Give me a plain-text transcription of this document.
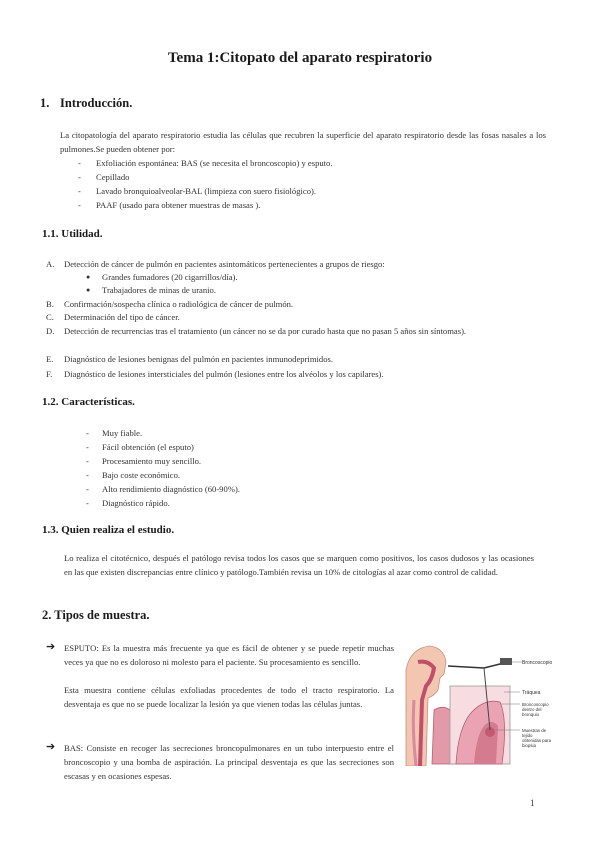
Tema 1:Citopato del aparato respiratorio
1. Introducción.

La citopatología del aparato respiratorio estudia las células que recubren la superficie del aparato respiratorio desde las fosas nasales a los pulmones.Se pueden obtener por:

- Exfoliación espontánea: BAS (se necesita el broncoscopio) y esputo.
- Cepillado
- Lavado bronquioalveolar-BAL (limpieza con suero fisiológico).
- PAAF (usado para obtener muestras de masas ).
1.1. Utilidad.
A. Detección de cáncer de pulmón en pacientes asintomáticos pertenecientes a grupos de riesgo:
● Grandes fumadores (20 cigarrillos/día).
● Trabajadores de minas de uranio.
B. Confirmación/sospecha clínica o radiológica de cáncer de pulmón.
C. Determinación del tipo de cáncer.
D. Detección de recurrencias tras el tratamiento (un cáncer no se da por curado hasta que no pasan 5 años sin síntomas).

E. Diagnóstico de lesiones benignas del pulmón en pacientes inmunodeprimidos.
F. Diagnóstico de lesiones intersticiales del pulmón (lesiones entre los alvéolos y los capilares).
1.2. Características.
- Muy fiable.
- Fácil obtención (el esputo)
- Procesamiento muy sencillo.
- Bajo coste económico.
- Alto rendimiento diagnóstico (60-90%).
- Diagnóstico rápido.
1.3. Quien realiza el estudio.

Lo realiza el citotécnico, después el patólogo revisa todos los casos que se marquen como positivos, los casos dudosos y las ocasiones en las que existen discrepancias entre clínico y patólogo.También revisa un 10% de citologías al azar como control de calidad.

2. Tipos de muestra.
➔ ESPUTO: Es la muestra más frecuente ya que es fácil de obtener y se puede repetir muchas veces ya que no es doloroso ni molesto para el paciente. Su procesamiento es sencillo.

Esta muestra contiene células exfoliadas procedentes de todo el tracto respiratorio. La desventaja es que no se puede localizar la lesión ya que vienen todas las células juntas.

➔ BAS: Consiste en recoger las secreciones broncopulmonares en un tubo interpuesto entre el broncoscopio y una bomba de aspiración. La principal desventaja es que las secreciones son escasas y en ocasiones espesas.

Broncoscopio
Tráquea
Broncoscopio dentro del bronquio
Muestras de tejido obtenidas para biopsia
1
